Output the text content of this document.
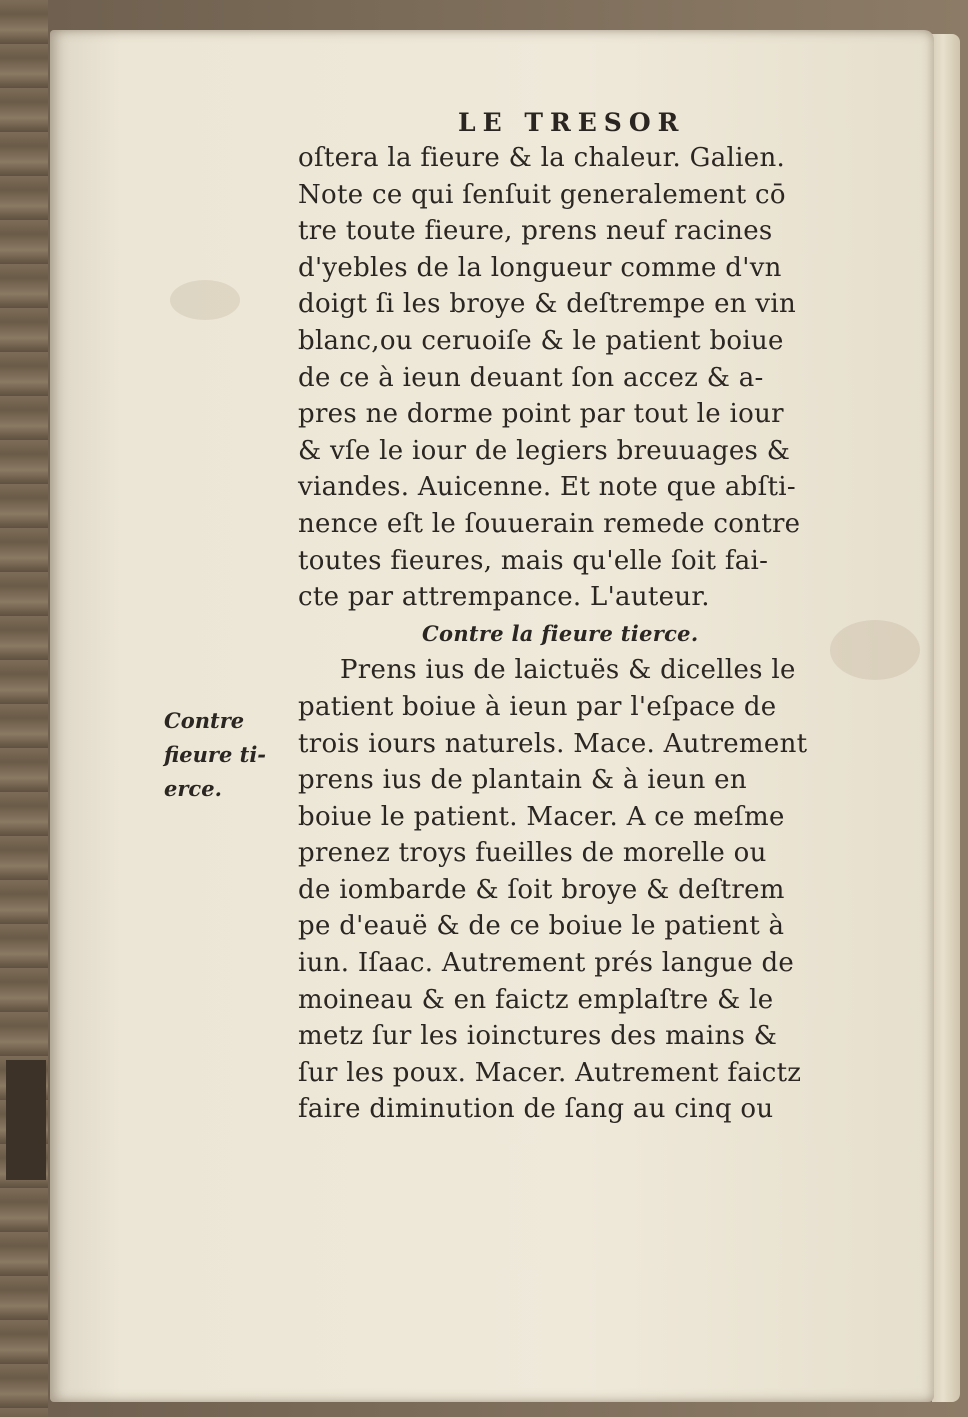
LE TRESOR
oſtera la fieure & la chaleur. Galien.
Note ce qui ſenſuit generalement cō
tre toute fieure, prens neuf racines
d'yebles de la longueur comme d'vn
doigt ſi les broye & deſtrempe en vin
blanc,ou ceruoiſe & le patient boiue
de ce à ieun deuant ſon accez & a-
pres ne dorme point par tout le iour
& vſe le iour de legiers breuuages &
viandes. Auicenne. Et note que abſti-
nence eſt le ſouuerain remede contre
toutes fieures, mais qu'elle ſoit fai-
cte par attrempance. L'auteur.
Contre la fieure tierce.
Prens ius de laictuës & dicelles le
patient boiue à ieun par l'eſpace de
trois iours naturels. Mace. Autrement
prens ius de plantain & à ieun en
boiue le patient. Macer. A ce meſme
prenez troys fueilles de morelle ou
de iombarde & ſoit broye & deſtrem
pe d'eauë & de ce boiue le patient à
iun. Iſaac. Autrement prés langue de
moineau & en faictz emplaſtre & le
metz ſur les ioinctures des mains &
ſur les poux. Macer. Autrement faictz
faire diminution de ſang au cinq ou
Contre
fieure ti-
erce.
